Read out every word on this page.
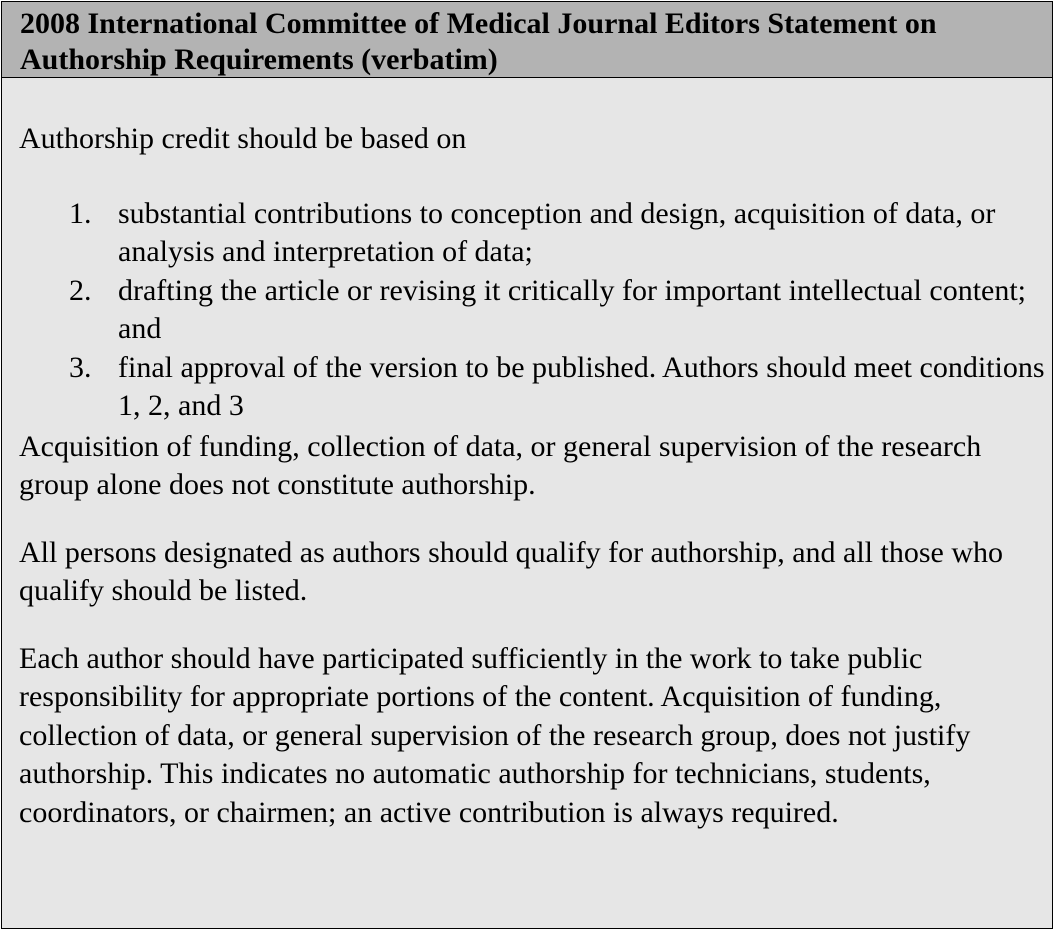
2008 International Committee of Medical Journal Editors Statement on Authorship Requirements (verbatim)

Authorship credit should be based on

1. substantial contributions to conception and design, acquisition of data, or analysis and interpretation of data;
2. drafting the article or revising it critically for important intellectual content; and
3. final approval of the version to be published. Authors should meet conditions 1, 2, and 3

Acquisition of funding, collection of data, or general supervision of the research group alone does not constitute authorship.

All persons designated as authors should qualify for authorship, and all those who qualify should be listed.

Each author should have participated sufficiently in the work to take public responsibility for appropriate portions of the content. Acquisition of funding, collection of data, or general supervision of the research group, does not justify authorship. This indicates no automatic authorship for technicians, students, coordinators, or chairmen; an active contribution is always required.
